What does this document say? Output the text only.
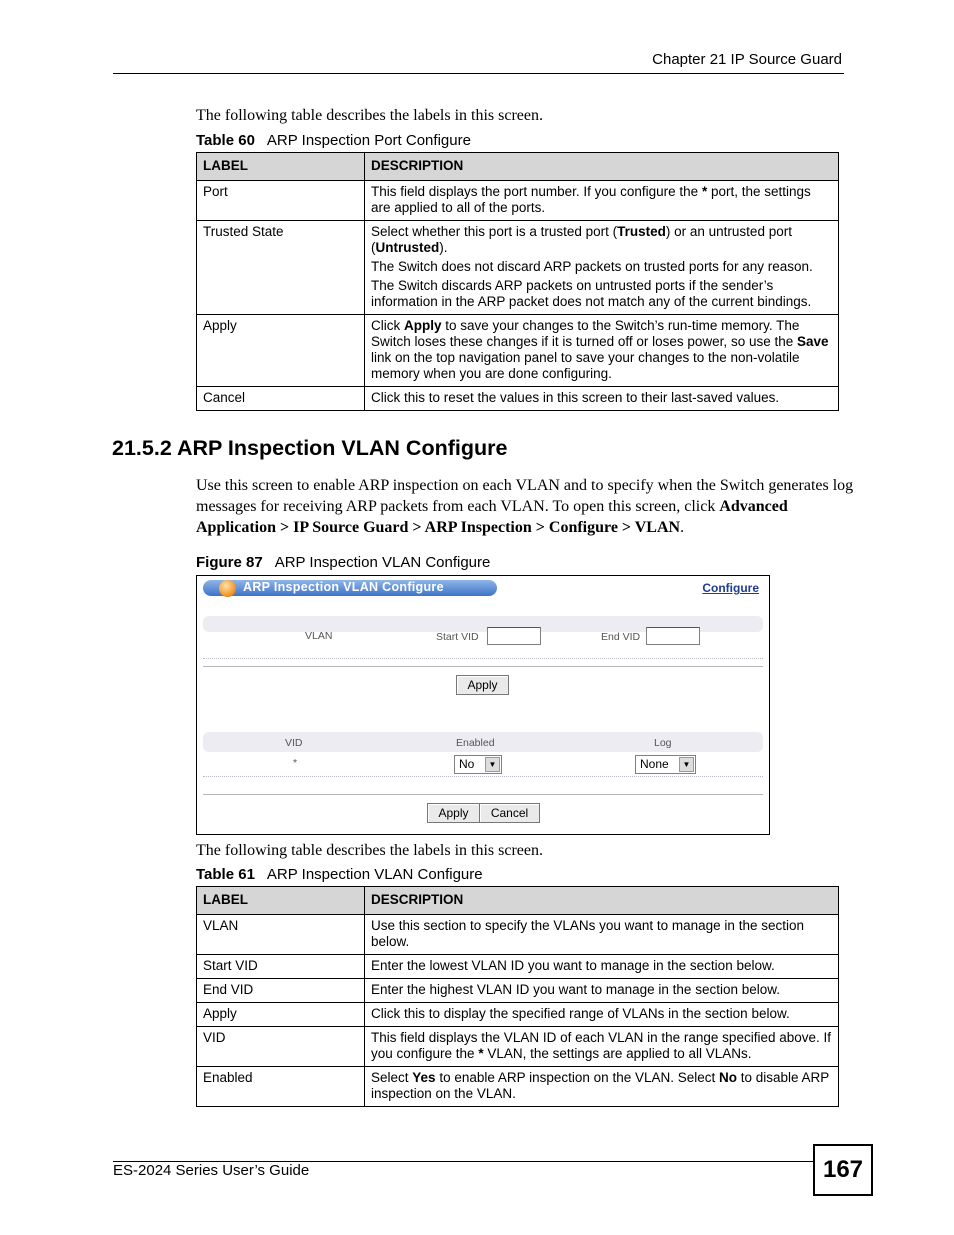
Chapter 21 IP Source Guard
The following table describes the labels in this screen.
Table 60 ARP Inspection Port Configure
LABEL	DESCRIPTION
Port	This field displays the port number. If you configure the * port, the settings are applied to all of the ports.

Trusted State	Select whether this port is a trusted port (Trusted) or an untrusted port (Untrusted).

The Switch does not discard ARP packets on trusted ports for any reason.

The Switch discards ARP packets on untrusted ports if the sender’s information in the ARP packet does not match any of the current bindings.

Apply	Click Apply to save your changes to the Switch’s run-time memory. The Switch loses these changes if it is turned off or loses power, so use the Save link on the top navigation panel to save your changes to the non-volatile memory when you are done configuring.

Cancel	Click this to reset the values in this screen to their last-saved values.

21.5.2 ARP Inspection VLAN Configure
Use this screen to enable ARP inspection on each VLAN and to specify when the Switch generates log messages for receiving ARP packets from each VLAN. To open this screen, click Advanced Application > IP Source Guard > ARP Inspection > Configure > VLAN.
Figure 87 ARP Inspection VLAN Configure
ARP Inspection VLAN Configure	Configure
VLAN	Start VID	End VID
Apply
VID	Enabled	Log
*	No	▼	None	▼
Apply	Cancel
The following table describes the labels in this screen.
Table 61 ARP Inspection VLAN Configure
LABEL	DESCRIPTION
VLAN	Use this section to specify the VLANs you want to manage in the section below.
Start VID	Enter the lowest VLAN ID you want to manage in the section below.
End VID	Enter the highest VLAN ID you want to manage in the section below.
Apply	Click this to display the specified range of VLANs in the section below.
VID	This field displays the VLAN ID of each VLAN in the range specified above. If you configure the * VLAN, the settings are applied to all VLANs.
Enabled	Select Yes to enable ARP inspection on the VLAN. Select No to disable ARP inspection on the VLAN.
ES-2024 Series User’s Guide	167
